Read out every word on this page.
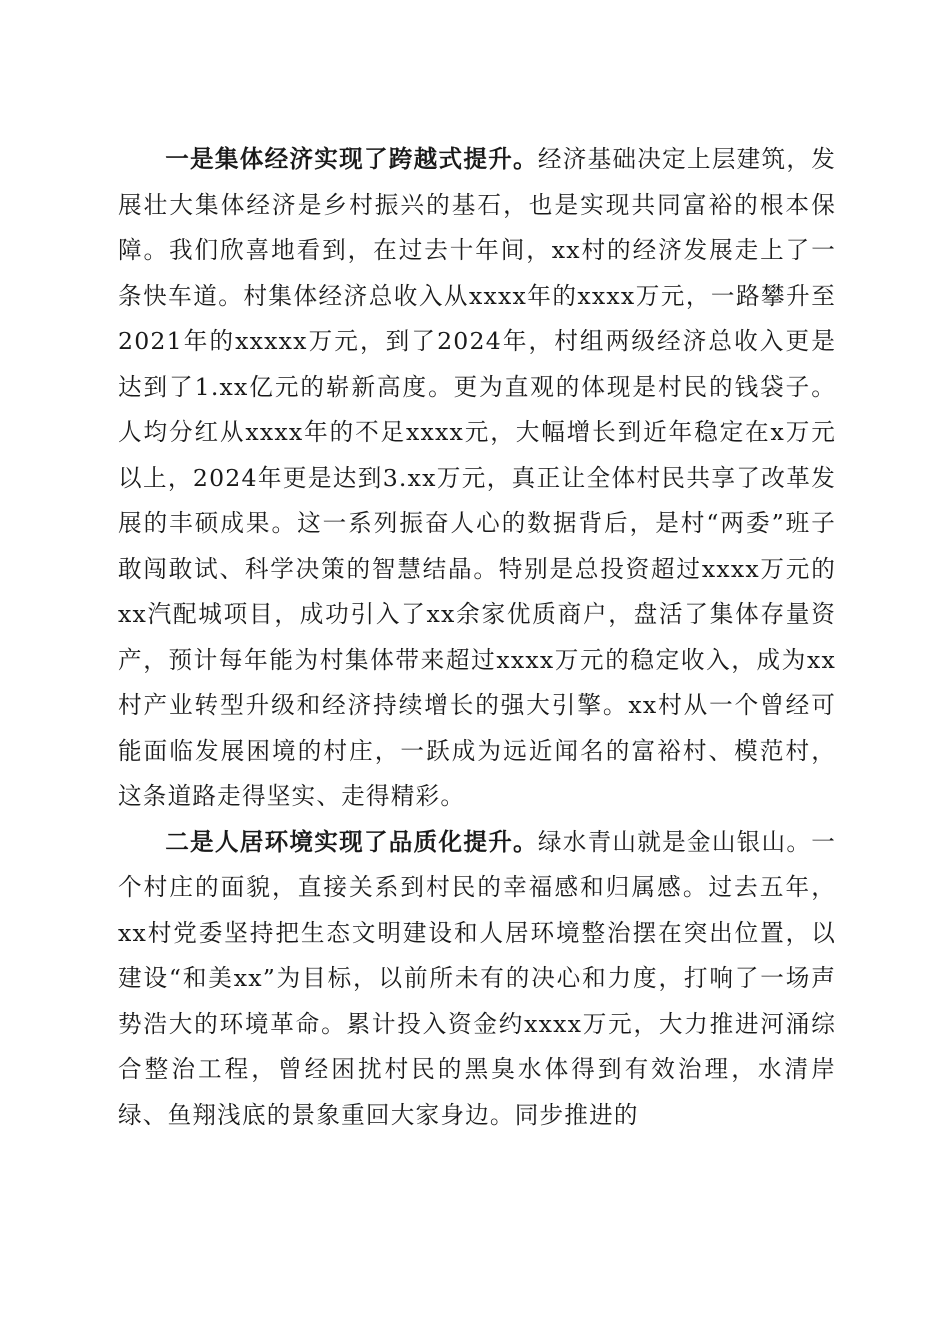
一是集体经济实现了跨越式提升。经济基础决定上层建筑，发展壮大集体经济是乡村振兴的基石，也是实现共同富裕的根本保障。我们欣喜地看到，在过去十年间，xx村的经济发展走上了一条快车道。村集体经济总收入从xxxx年的xxxx万元，一路攀升至2021年的xxxxx万元，到了2024年，村组两级经济总收入更是达到了1.xx亿元的崭新高度。更为直观的体现是村民的钱袋子。人均分红从xxxx年的不足xxxx元，大幅增长到近年稳定在x万元以上，2024年更是达到3.xx万元，真正让全体村民共享了改革发展的丰硕成果。这一系列振奋人心的数据背后，是村“两委”班子敢闯敢试、科学决策的智慧结晶。特别是总投资超过xxxx万元的xx汽配城项目，成功引入了xx余家优质商户，盘活了集体存量资产，预计每年能为村集体带来超过xxxx万元的稳定收入，成为xx村产业转型升级和经济持续增长的强大引擎。xx村从一个曾经可能面临发展困境的村庄，一跃成为远近闻名的富裕村、模范村，这条道路走得坚实、走得精彩。

二是人居环境实现了品质化提升。绿水青山就是金山银山。一个村庄的面貌，直接关系到村民的幸福感和归属感。过去五年，xx村党委坚持把生态文明建设和人居环境整治摆在突出位置，以建设“和美xx”为目标，以前所未有的决心和力度，打响了一场声势浩大的环境革命。累计投入资金约xxxx万元，大力推进河涌综合整治工程，曾经困扰村民的黑臭水体得到有效治理，水清岸绿、鱼翔浅底的景象重回大家身边。同步推进的
